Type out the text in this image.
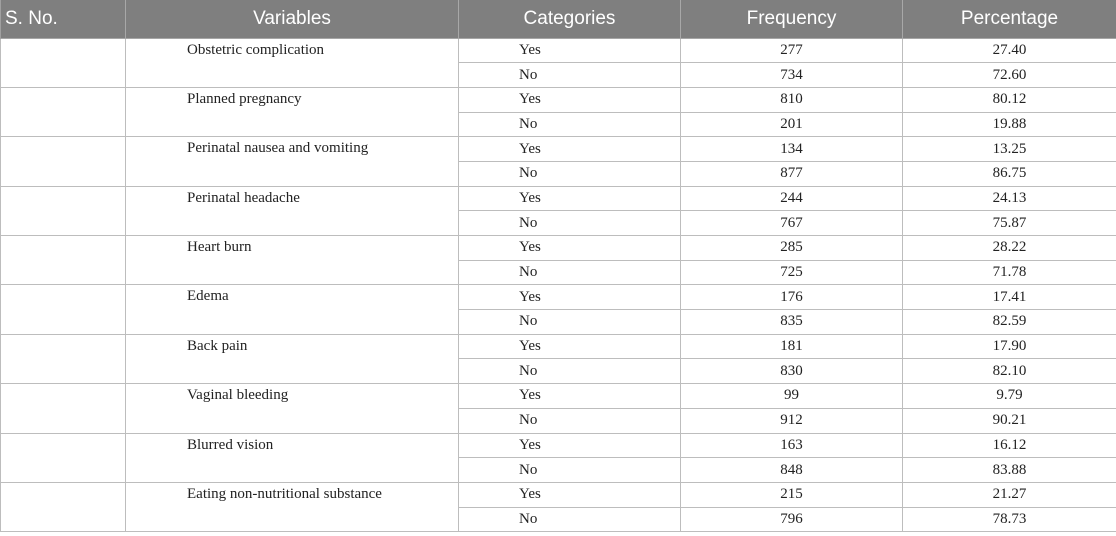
S. No.	Variables	Categories	Frequency	Percentage
	Obstetric complication	Yes	277	27.40
		No	734	72.60
	Planned pregnancy	Yes	810	80.12
		No	201	19.88
	Perinatal nausea and vomiting	Yes	134	13.25
		No	877	86.75
	Perinatal headache	Yes	244	24.13
		No	767	75.87
	Heart burn	Yes	285	28.22
		No	725	71.78
	Edema	Yes	176	17.41
		No	835	82.59
	Back pain	Yes	181	17.90
		No	830	82.10
	Vaginal bleeding	Yes	99	9.79
		No	912	90.21
	Blurred vision	Yes	163	16.12
		No	848	83.88
	Eating non-nutritional substance	Yes	215	21.27
		No	796	78.73
